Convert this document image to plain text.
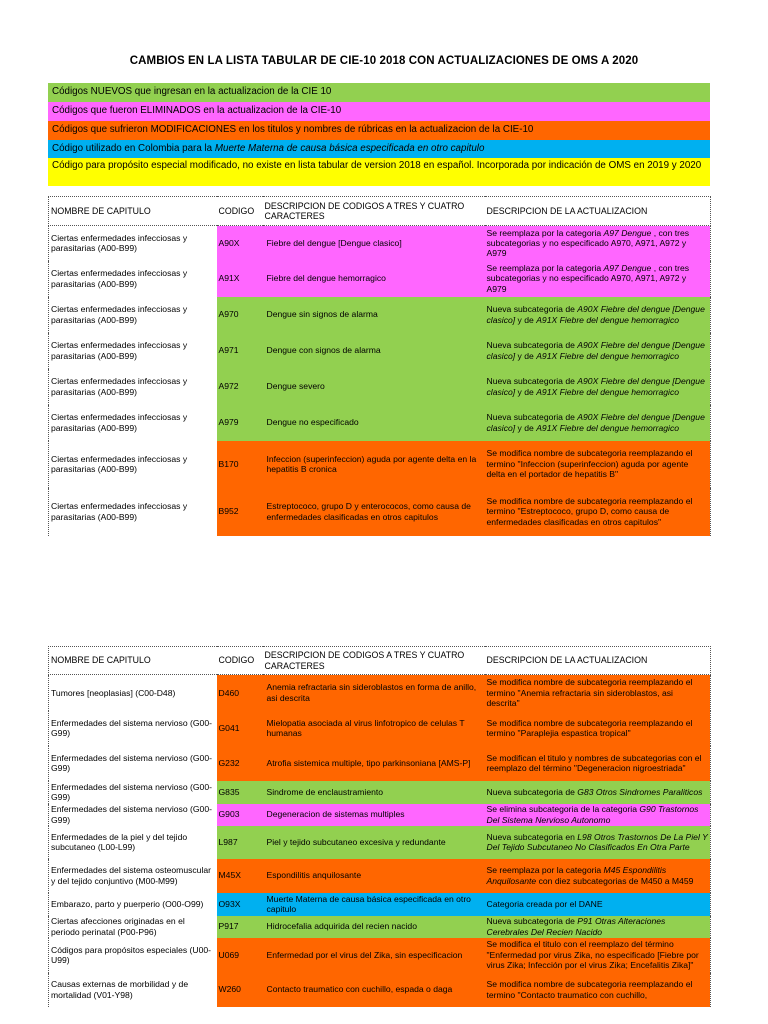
CAMBIOS EN LA LISTA TABULAR DE CIE-10 2018 CON ACTUALIZACIONES DE OMS A 2020
Códigos NUEVOS que ingresan en la actualizacion de la CIE 10
Códigos que fueron ELIMINADOS en la actualizacion de la CIE-10
Códigos que sufrieron MODIFICACIONES en los titulos y nombres de rúbricas en la actualizacion de la CIE-10
Código utilizado en Colombia para la Muerte Materna de causa básica especificada en otro capitulo
Código para propósito especial modificado, no existe en lista tabular de version 2018 en español. Incorporada por indicación de OMS en 2019 y 2020
NOMBRE DE CAPITULO	CODIGO	DESCRIPCION DE CODIGOS A TRES Y CUATRO CARACTERES	DESCRIPCION DE LA ACTUALIZACION
Ciertas enfermedades infecciosas y parasitarias (A00-B99)	A90X	Fiebre del dengue [Dengue clasico]	Se reemplaza por la categoria A97 Dengue , con tres subcategorias y no especificado A970, A971, A972 y A979
Ciertas enfermedades infecciosas y parasitarias (A00-B99)	A91X	Fiebre del dengue hemorragico	Se reemplaza por la categoria A97 Dengue , con tres subcategorias y no especificado A970, A971, A972 y A979
Ciertas enfermedades infecciosas y parasitarias (A00-B99)	A970	Dengue sin signos de alarma	Nueva subcategoria de A90X Fiebre del dengue [Dengue clasico] y de A91X Fiebre del dengue hemorragico
Ciertas enfermedades infecciosas y parasitarias (A00-B99)	A971	Dengue con signos de alarma	Nueva subcategoria de A90X Fiebre del dengue [Dengue clasico] y de A91X Fiebre del dengue hemorragico
Ciertas enfermedades infecciosas y parasitarias (A00-B99)	A972	Dengue severo	Nueva subcategoria de A90X Fiebre del dengue [Dengue clasico] y de A91X Fiebre del dengue hemorragico
Ciertas enfermedades infecciosas y parasitarias (A00-B99)	A979	Dengue no especificado	Nueva subcategoria de A90X Fiebre del dengue [Dengue clasico] y de A91X Fiebre del dengue hemorragico
Ciertas enfermedades infecciosas y parasitarias (A00-B99)	B170	Infeccion (superinfeccion) aguda por agente delta en la hepatitis B cronica	Se modifica nombre de subcategoria reemplazando el termino "Infeccion (superinfeccion) aguda por agente delta en el portador de hepatitis B"
Ciertas enfermedades infecciosas y parasitarias (A00-B99)	B952	Estreptococo, grupo D y enterococos, como causa de enfermedades clasificadas en otros capitulos	Se modifica nombre de subcategoria reemplazando el termino "Estreptococo, grupo D, como causa de enfermedades clasificadas en otros capitulos"
NOMBRE DE CAPITULO	CODIGO	DESCRIPCION DE CODIGOS A TRES Y CUATRO CARACTERES	DESCRIPCION DE LA ACTUALIZACION
Tumores [neoplasias] (C00-D48)	D460	Anemia refractaria sin sideroblastos en forma de anillo, asi descrita	Se modifica nombre de subcategoria reemplazando el termino "Anemia refractaria sin sideroblastos, asi descrita"
Enfermedades del sistema nervioso (G00-G99)	G041	Mielopatia asociada al virus linfotropico de celulas T humanas	Se modifica nombre de subcategoria reemplazando el termino "Paraplejia espastica tropical"
Enfermedades del sistema nervioso (G00-G99)	G232	Atrofia sistemica multiple, tipo parkinsoniana [AMS-P]	Se modifican el titulo y nombres de subcategorias con el reemplazo del término "Degeneracion nigroestriada"
Enfermedades del sistema nervioso (G00-G99)	G835	Sindrome de enclaustramiento	Nueva subcategoria de G83 Otros Sindromes Paraliticos
Enfermedades del sistema nervioso (G00-G99)	G903	Degeneracion de sistemas multiples	Se elimina subcategoria de la categoria G90 Trastornos Del Sistema Nervioso Autonomo
Enfermedades de la piel y del tejido subcutaneo (L00-L99)	L987	Piel y tejido subcutaneo excesiva y redundante	Nueva subcategoria en L98 Otros Trastornos De La Piel Y Del Tejido Subcutaneo No Clasificados En Otra Parte
Enfermedades del sistema osteomuscular y del tejido conjuntivo (M00-M99)	M45X	Espondilitis anquilosante	Se reemplaza por la categoria M45 Espondilitis Anquilosante con diez subcategorias de M450 a M459
Embarazo, parto y puerperio (O00-O99)	O93X	Muerte Materna de causa básica especificada en otro capitulo	Categoria creada por el DANE
Ciertas afecciones originadas en el periodo perinatal (P00-P96)	P917	Hidrocefalia adquirida del recien nacido	Nueva subcategoria de P91 Otras Alteraciones Cerebrales Del Recien Nacido
Códigos para propósitos especiales (U00-U99)	U069	Enfermedad por el virus del Zika, sin especificacion	Se modifica el titulo con el reemplazo del término "Enfermedad por virus Zika, no especificado [Fiebre por virus Zika; Infección por el virus Zika; Encefalitis Zika]"
Causas externas de morbilidad y de mortalidad (V01-Y98)	W260	Contacto traumatico con cuchillo, espada o daga	Se modifica nombre de subcategoria reemplazando el termino "Contacto traumatico con cuchillo,
